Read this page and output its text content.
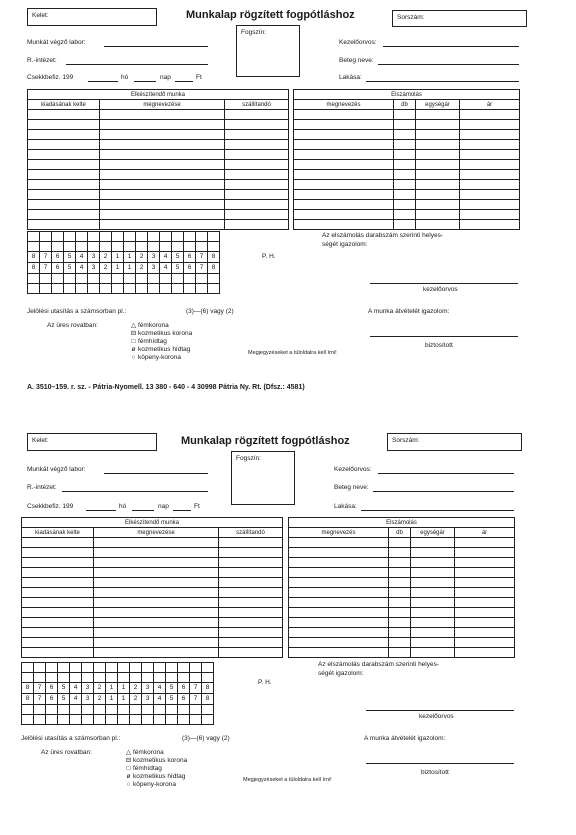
Kelet:	Munkalap rögzített fogpótláshoz	Sorszám:
Fogszín:
Munkát végző labor:
R.-intézet:
Csekkbefiz. 199	hó	nap	Ft
Kezelőorvos:
Beteg neve:
Lakása:
Elkészítendő munka		
kiadásának kelte	megnevezése	szállítandó

Elszámolás			
megnevezés	db	egységár	ár

8	7	6	5	4	3	2	1	1	2	3	4	5	6	7	8
8	7	6	5	4	3	2	1	1	2	3	4	5	6	7	8

P. H.
Az elszámolás darabszám szerinti helyes-
ségét igazolom:
kezelőorvos
Jelölési utasítás a számsorban pl.:	(3)—(6) vagy (2)	A munka átvételét igazolom:
Az üres rovatban:	△ fémkorona
⊟ kozmetikus korona
□ fémhídtag
ø kozmetikus hídtag
○ köpeny-korona
Megjegyzéseket a túloldalra kell írni!
biztosított
A. 3510–159. r. sz. - Pátria-Nyomell. 13 380 - 640 - 4 30998 Pátria Ny. Rt. (Dfsz.: 4581)
Kelet:	Munkalap rögzített fogpótláshoz	Sorszám:
Fogszín:
Munkát végző labor:
R.-intézet:
Csekkbefiz. 199	hó	nap	Ft
Kezelőorvos:
Beteg neve:
Lakása:
Elkészítendő munka		
kiadásának kelte	megnevezése	szállítandó

Elszámolás			
megnevezés	db	egységár	ár

8	7	6	5	4	3	2	1	1	2	3	4	5	6	7	8
8	7	6	5	4	3	2	1	1	2	3	4	5	6	7	8

P. H.
Az elszámolás darabszám szerinti helyes-
ségét igazolom:
kezelőorvos
Jelölési utasítás a számsorban pl.:	(3)—(6) vagy (2)	A munka átvételét igazolom:
Az üres rovatban:	△ fémkorona
⊟ kozmetikus korona
□ fémhídtag
ø kozmetikus hídtag
○ köpeny-korona
Megjegyzéseket a túloldalra kell írni!
biztosított
